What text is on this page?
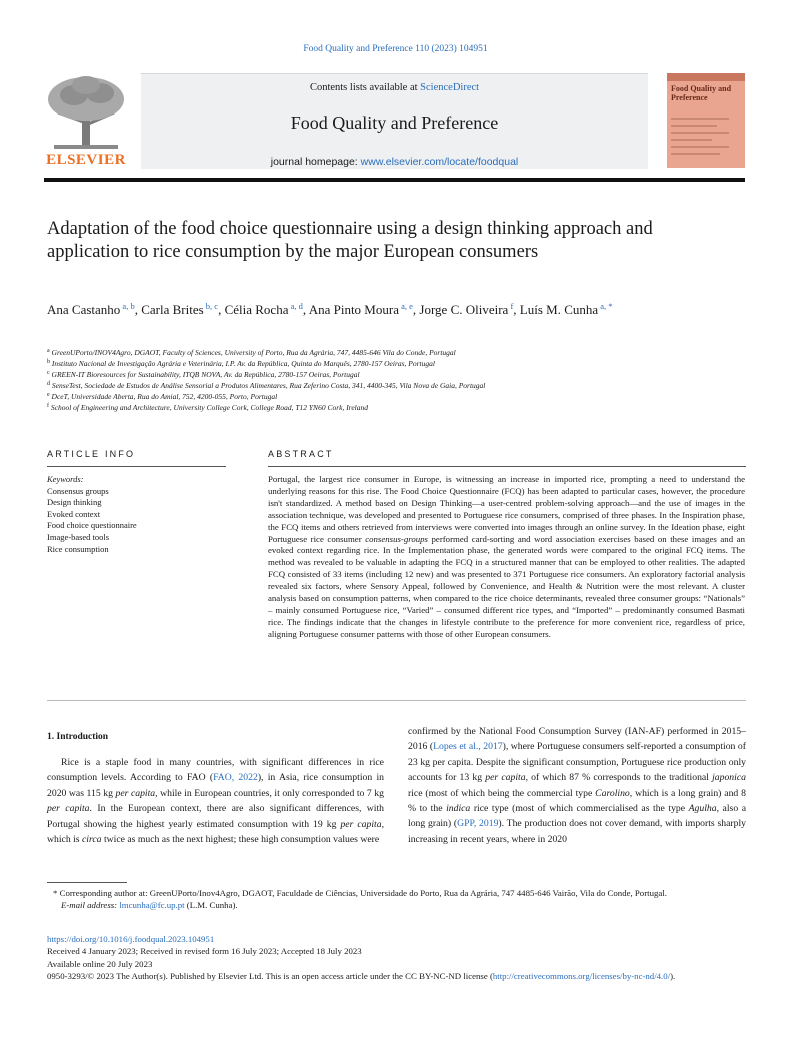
Food Quality and Preference 110 (2023) 104951
ELSEVIER
Contents lists available at ScienceDirect
Food Quality and Preference
journal homepage: www.elsevier.com/locate/foodqual
Food Quality and Preference
Adaptation of the food choice questionnaire using a design thinking approach and application to rice consumption by the major European consumers
Ana Castanho $^{a, b}$, Carla Brites $^{b, c}$, Célia Rocha $^{a, d}$, Ana Pinto Moura $^{a, e}$, Jorge C. Oliveira $^f$, Luís M. Cunha $^{a, *}$
$^a$ GreenUPorto/INOV4Agro, DGAOT, Faculty of Sciences, University of Porto, Rua da Agrária, 747, 4485-646 Vila do Conde, Portugal
$^b$ Instituto Nacional de Investigação Agrária e Veterinária, I.P. Av. da República, Quinta do Marquês, 2780-157 Oeiras, Portugal
$^c$ GREEN-IT Bioresources for Sustainability, ITQB NOVA, Av. da República, 2780-157 Oeiras, Portugal
$^d$ SenseTest, Sociedade de Estudos de Análise Sensorial a Produtos Alimentares, Rua Zeferino Costa, 341, 4400-345, Vila Nova de Gaia, Portugal
$^e$ DceT, Universidade Aberta, Rua do Amial, 752, 4200-055, Porto, Portugal
$^f$ School of Engineering and Architecture, University College Cork, College Road, T12 YN60 Cork, Ireland
ARTICLE INFO	ABSTRACT
Keywords:
Consensus groups
Design thinking
Evoked context
Food choice questionnaire
Image-based tools
Rice consumption
Portugal, the largest rice consumer in Europe, is witnessing an increase in imported rice, prompting a need to understand the underlying reasons for this rise. The Food Choice Questionnaire (FCQ) has been adapted to particular cases, however, the procedure isn't standardized. A method based on Design Thinking—a user-centred problem-solving approach—and the use of images in the association technique, was developed and presented to Portuguese rice consumers, comprised of three phases. In the Inspiration phase, the FCQ items and others retrieved from interviews were converted into images through an online survey. In the Ideation phase, eight Portuguese rice consumer consensus-groups performed card-sorting and word association exercises based on these images and an evoked context regarding rice. In the Implementation phase, the generated words were compared to the original FCQ items. The method was revealed to be valuable in adapting the FCQ in a structured manner that can be employed to other realities. The adapted FCQ consisted of 33 items (including 12 new) and was presented to 371 Portuguese rice consumers. An exploratory factorial analysis revealed six factors, where Sensory Appeal, followed by Convenience, and Health & Nutrition were the most relevant. A cluster analysis based on consumption patterns, when compared to the rice choice determinants, revealed three consumer groups: “Nationals” – mainly consumed Portuguese rice, “Varied” – consumed different rice types, and “Imported” – predominantly consumed Basmati rice. The findings indicate that the changes in lifestyle contribute to the preference for more convenient rice, regardless of price, aligning Portuguese consumer patterns with those of other European consumers.
1. Introduction
Rice is a staple food in many countries, with significant differences in rice consumption levels. According to FAO (FAO, 2022), in Asia, rice consumption in 2020 was 115 kg per capita, while in European countries, it only corresponded to 7 kg per capita. In the European context, there are also significant differences, with Portugal showing the highest yearly estimated consumption with 19 kg per capita, which is circa twice as much as the next highest; these high consumption values were
confirmed by the National Food Consumption Survey (IAN-AF) performed in 2015–2016 (Lopes et al., 2017), where Portuguese consumers self-reported a consumption of 23 kg per capita. Despite the significant consumption, Portuguese rice production only accounts for 13 kg per capita, of which 87 % corresponds to the traditional japonica rice (most of which being the commercial type Carolino, which is a long grain) and 8 % to the indica rice type (most of which commercialised as the type Agulha, also a long grain) (GPP, 2019). The production does not cover demand, with imports sharply increasing in recent years, where in 2020
* Corresponding author at: GreenUPorto/Inov4Agro, DGAOT, Faculdade de Ciências, Universidade do Porto, Rua da Agrária, 747 4485-646 Vairão, Vila do Conde, Portugal.
E-mail address: lmcunha@fc.up.pt (L.M. Cunha).
https://doi.org/10.1016/j.foodqual.2023.104951
Received 4 January 2023; Received in revised form 16 July 2023; Accepted 18 July 2023
Available online 20 July 2023
0950-3293/© 2023 The Author(s). Published by Elsevier Ltd. This is an open access article under the CC BY-NC-ND license (http://creativecommons.org/licenses/by-nc-nd/4.0/).
